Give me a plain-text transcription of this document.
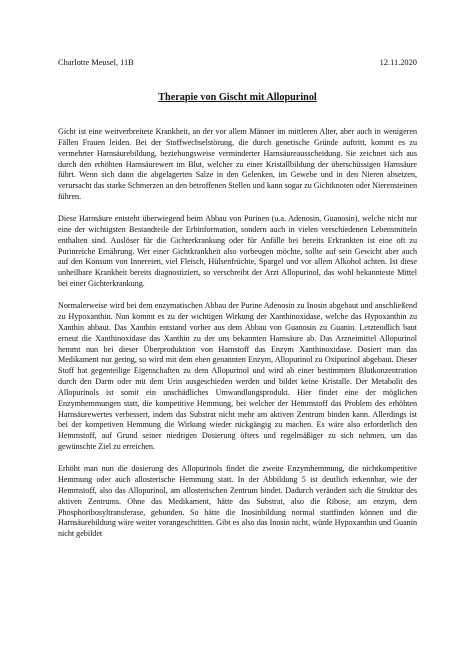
Charlotte Meusel, 11B	12.11.2020
Therapie von Gischt mit Allopurinol

Gicht ist eine weitverbreitete Krankheit, an der vor allem Männer im mittleren Alter, aber auch in wenigeren Fällen Frauen leiden. Bei der Stoffwechselstörung, die durch genetische Gründe auftritt, kommt es zu vermehrter Harnsäurebildung, beziehungsweise verminderter Harnsäureausscheidung. Sie zeichnet sich aus durch den erhöhten Harnsäurewert im Blut, welcher zu einer Kristallbildung der überschüssigen Harnsäure führt. Wenn sich dann die abgelagerten Salze in den Gelenken, im Gewebe und in den Nieren absetzen, verursacht das starke Schmerzen an den betroffenen Stellen und kann sogar zu Gichtknoten oder Nierensteinen führen.

Diese Harnsäure entsteht überwiegend beim Abbau von Purinen (u.a. Adenosin, Guanosin), welche nicht nur eine der wichtigsten Bestandteile der Erbinformation, sondern auch in vielen verschiedenen Lebensmitteln enthalten sind. Auslöser für die Gichterkrankung oder für Anfälle bei bereits Erkrankten ist eine oft zu Purinreiche Ernährung. Wer einer Gichtkrankheit also vorbeugen möchte, sollte auf sein Gewicht aber auch auf den Konsum von Innereien, viel Fleisch, Hülsenfrüchte, Spargel und vor allem Alkohol achten. Ist diese unheilbare Krankheit bereits diagnostiziert, so verschreibt der Arzt Allopurinol, das wohl bekannteste Mittel bei einer Gichterkrankung.

Normalerweise wird bei dem enzymatischen Abbau der Purine Adenosin zu Inosin abgebaut und anschließend zu Hypoxanthin. Nun kommt es zu der wichtigen Wirkung der Xanthinoxidase, welche das Hypoxanthin zu Xanthin abbaut. Das Xanthin entstand vorher aus dem Abbau von Guanosin zu Guanin. Letztendlich baut erneut die Xanthinoxidase das Xanthin zu der uns bekannten Harnsäure ab. Das Arzneimittel Allopurinol hemmt nun bei dieser Überproduktion von Harnstoff das Enzym Xanthinoxidase. Dosiert man das Medikament nur gering, so wird mit dem eben genannten Enzym, Allopurinol zu Oxipurinol abgebaut. Dieser Stoff hat gegenteilige Eigenschaften zu dem Allopurinol und wird ab einer bestimmten Blutkonzentration durch den Darm oder mit dem Urin ausgeschieden werden und bildet keine Kristalle. Der Metabolit des Allopurinols ist somit ein unschädliches Umwandlungsprodukt. Hier findet eine der möglichen Enzymhemmungen statt, die kompetitive Hemmung, bei welcher der Hemmstoff das Problem des erhöhten Harnsäurewertes verbessert, indem das Substrat nicht mehr am aktiven Zentrum binden kann. Allerdings ist bei der kompetiven Hemmung die Wirkung wieder rückgängig zu machen. Es wäre also erforderlich den Hemmstoff, auf Grund seiner niedrigen Dosierung öfters und regelmäßiger zu sich nehmen, um das gewünschte Ziel zu erreichen.

Erhöht man nun die dosierung des Allopurinols findet die zweite Enzymhemmung, die nichtkompetitive Hemmung oder auch allosterische Hemmung statt. In der Abbildung 5 ist deutlich erkennbar, wie der Hemmstoff, also das Allopurinol, am allosterischen Zentrum bindet. Dadurch verändert sich die Struktur des aktiven Zentrums. Ohne das Medikament, hätte das Substrat, also die Ribose, am enzym, dem Phosphoribosyltransferase, gebunden. So hätte die Inosinbildung normal stattfinden können und die Harnsäurebildung wäre weiter vorangeschritten. Gibt es also das Inosin nicht, würde Hypoxanthin und Guanin nicht gebildet
